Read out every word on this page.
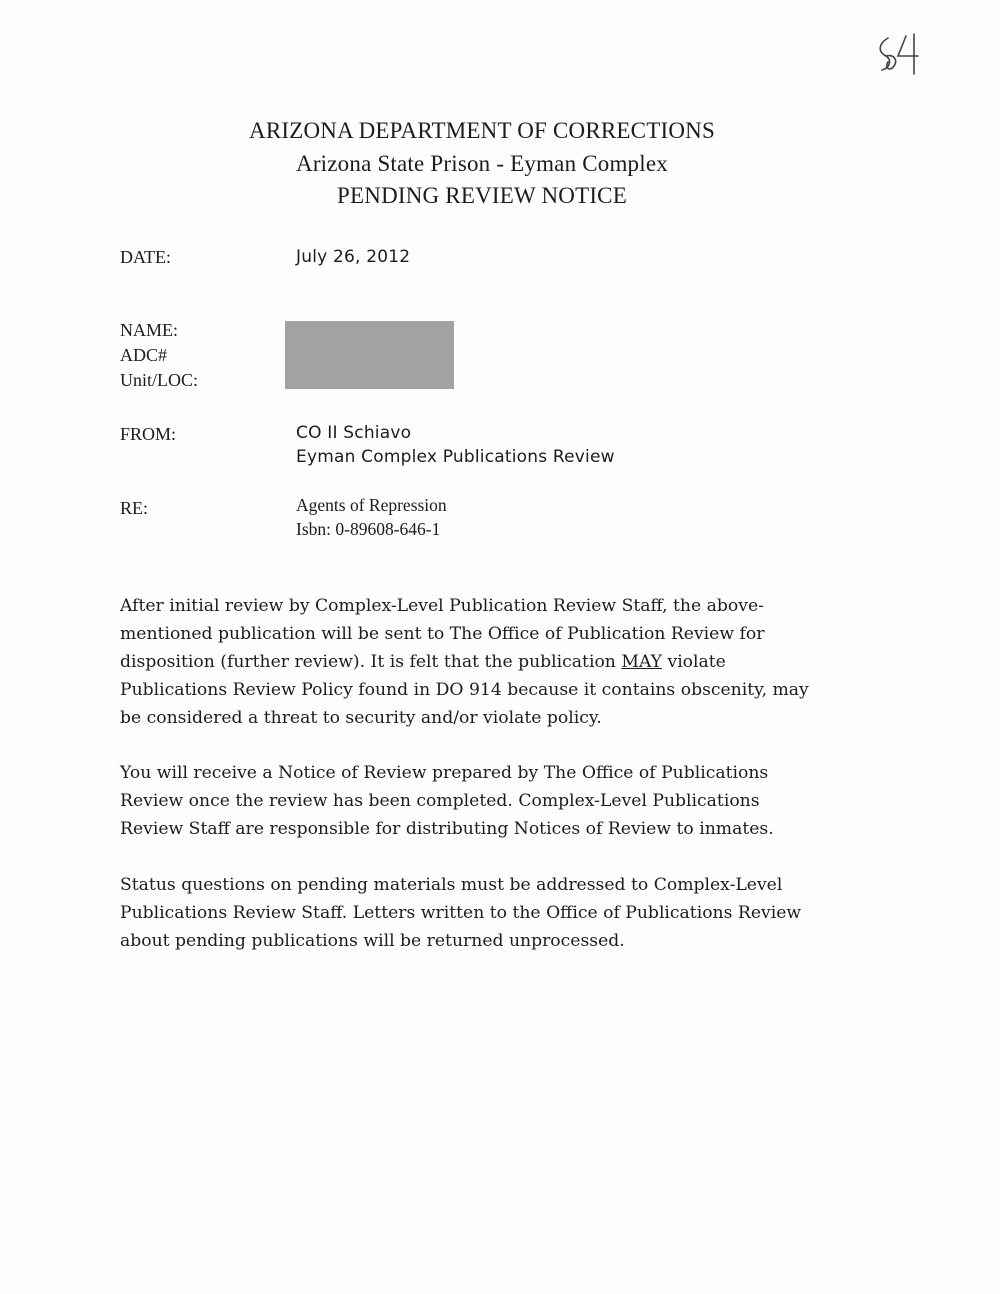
ARIZONA DEPARTMENT OF CORRECTIONS
Arizona State Prison - Eyman Complex
PENDING REVIEW NOTICE
DATE:	July 26, 2012
NAME:
ADC#
Unit/LOC:
FROM:	CO II Schiavo
Eyman Complex Publications Review
RE:	Agents of Repression
Isbn: 0-89608-646-1

After initial review by Complex-Level Publication Review Staff, the above-
mentioned publication will be sent to The Office of Publication Review for
disposition (further review). It is felt that the publication MAY violate
Publications Review Policy found in DO 914 because it contains obscenity, may
be considered a threat to security and/or violate policy.

You will receive a Notice of Review prepared by The Office of Publications
Review once the review has been completed. Complex-Level Publications
Review Staff are responsible for distributing Notices of Review to inmates.

Status questions on pending materials must be addressed to Complex-Level
Publications Review Staff. Letters written to the Office of Publications Review
about pending publications will be returned unprocessed.
